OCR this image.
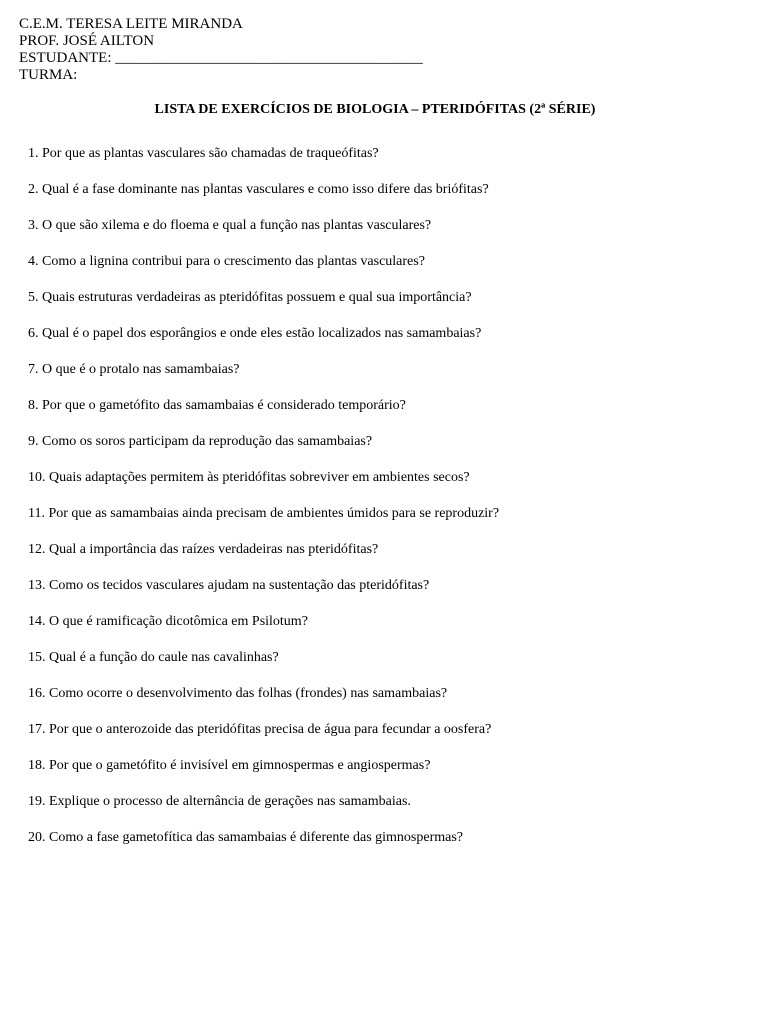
C.E.M. TERESA LEITE MIRANDA
PROF. JOSÉ AILTON
ESTUDANTE: _________________________________________
TURMA:
LISTA DE EXERCÍCIOS DE BIOLOGIA – PTERIDÓFITAS (2ª SÉRIE)
1. Por que as plantas vasculares são chamadas de traqueófitas?
2. Qual é a fase dominante nas plantas vasculares e como isso difere das briófitas?
3. O que são xilema e do floema e qual a função nas plantas vasculares?
4. Como a lignina contribui para o crescimento das plantas vasculares?
5. Quais estruturas verdadeiras as pteridófitas possuem e qual sua importância?
6. Qual é o papel dos esporângios e onde eles estão localizados nas samambaias?
7. O que é o protalo nas samambaias?
8. Por que o gametófito das samambaias é considerado temporário?
9. Como os soros participam da reprodução das samambaias?
10. Quais adaptações permitem às pteridófitas sobreviver em ambientes secos?
11. Por que as samambaias ainda precisam de ambientes úmidos para se reproduzir?
12. Qual a importância das raízes verdadeiras nas pteridófitas?
13. Como os tecidos vasculares ajudam na sustentação das pteridófitas?
14. O que é ramificação dicotômica em Psilotum?
15. Qual é a função do caule nas cavalinhas?
16. Como ocorre o desenvolvimento das folhas (frondes) nas samambaias?
17. Por que o anterozoide das pteridófitas precisa de água para fecundar a oosfera?
18. Por que o gametófito é invisível em gimnospermas e angiospermas?
19. Explique o processo de alternância de gerações nas samambaias.
20. Como a fase gametofítica das samambaias é diferente das gimnospermas?
